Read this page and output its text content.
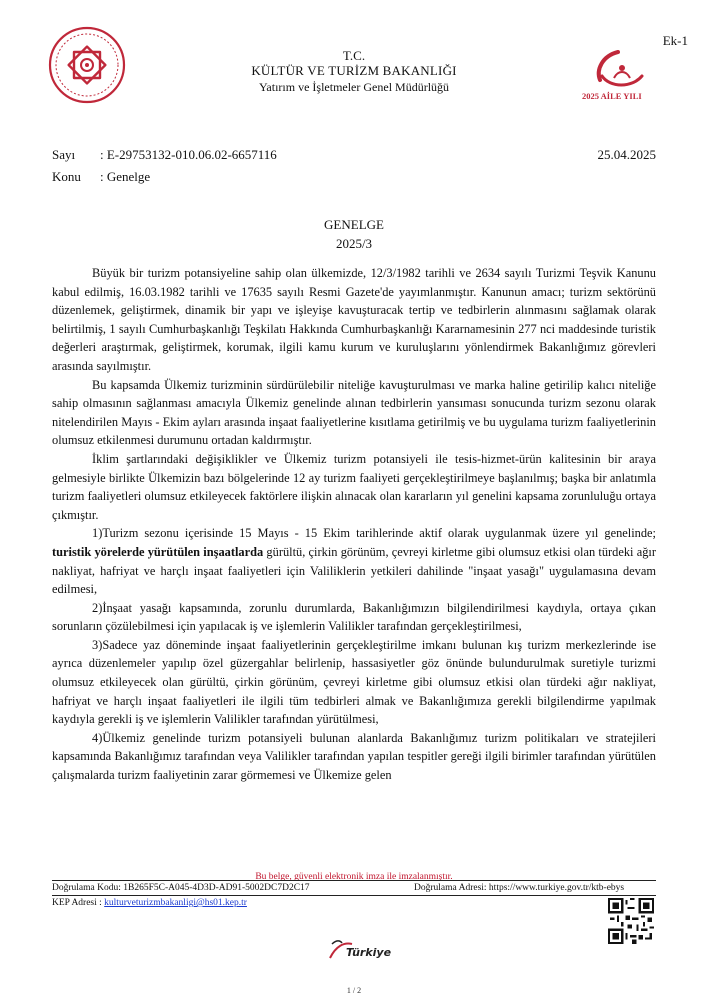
T.C.
KÜLTÜR VE TURİZM BAKANLIĞI
Yatırım ve İşletmeler Genel Müdürlüğü
Ek-1
2025 AİLE YILI
Sayı : E-29753132-010.06.02-6657116
Konu : Genelge
25.04.2025
GENELGE
2025/3

Büyük bir turizm potansiyeline sahip olan ülkemizde, 12/3/1982 tarihli ve 2634 sayılı Turizmi Teşvik Kanunu kabul edilmiş, 16.03.1982 tarihli ve 17635 sayılı Resmi Gazete'de yayımlanmıştır. Kanunun amacı; turizm sektörünü düzenlemek, geliştirmek, dinamik bir yapı ve işleyişe kavuşturacak tertip ve tedbirlerin alınmasını sağlamak olarak belirtilmiş, 1 sayılı Cumhurbaşkanlığı Teşkilatı Hakkında Cumhurbaşkanlığı Kararnamesinin 277 nci maddesinde turistik değerleri araştırmak, geliştirmek, korumak, ilgili kamu kurum ve kuruluşlarını yönlendirmek Bakanlığımız görevleri arasında sayılmıştır.

Bu kapsamda Ülkemiz turizminin sürdürülebilir niteliğe kavuşturulması ve marka haline getirilip kalıcı niteliğe sahip olmasının sağlanması amacıyla Ülkemiz genelinde alınan tedbirlerin yansıması sonucunda turizm sezonu olarak nitelendirilen Mayıs - Ekim ayları arasında inşaat faaliyetlerine kısıtlama getirilmiş ve bu uygulama turizm faaliyetlerinin olumsuz etkilenmesi durumunu ortadan kaldırmıştır.

İklim şartlarındaki değişiklikler ve Ülkemiz turizm potansiyeli ile tesis-hizmet-ürün kalitesinin bir araya gelmesiyle birlikte Ülkemizin bazı bölgelerinde 12 ay turizm faaliyeti gerçekleştirilmeye başlanılmış; başka bir anlatımla turizm faaliyetleri olumsuz etkileyecek faktörlere ilişkin alınacak olan kararların yıl genelini kapsama zorunluluğu ortaya çıkmıştır.

1)Turizm sezonu içerisinde 15 Mayıs - 15 Ekim tarihlerinde aktif olarak uygulanmak üzere yıl genelinde; turistik yörelerde yürütülen inşaatlarda gürültü, çirkin görünüm, çevreyi kirletme gibi olumsuz etkisi olan türdeki ağır nakliyat, hafriyat ve harçlı inşaat faaliyetleri için Valiliklerin yetkileri dahilinde "inşaat yasağı" uygulamasına devam edilmesi,

2)İnşaat yasağı kapsamında, zorunlu durumlarda, Bakanlığımızın bilgilendirilmesi kaydıyla, ortaya çıkan sorunların çözülebilmesi için yapılacak iş ve işlemlerin Valilikler tarafından gerçekleştirilmesi,

3)Sadece yaz döneminde inşaat faaliyetlerinin gerçekleştirilme imkanı bulunan kış turizm merkezlerinde ise ayrıca düzenlemeler yapılıp özel güzergahlar belirlenip, hassasiyetler göz önünde bulundurulmak suretiyle turizmi olumsuz etkileyecek olan gürültü, çirkin görünüm, çevreyi kirletme gibi olumsuz etkisi olan türdeki ağır nakliyat, hafriyat ve harçlı inşaat faaliyetleri ile ilgili tüm tedbirleri almak ve Bakanlığımıza gerekli bilgilendirme yapılmak kaydıyla gerekli iş ve işlemlerin Valilikler tarafından yürütülmesi,

4)Ülkemiz genelinde turizm potansiyeli bulunan alanlarda Bakanlığımız turizm politikaları ve stratejileri kapsamında Bakanlığımız tarafından veya Valilikler tarafından yapılan tespitler gereği ilgili birimler tarafından yürütülen çalışmalarda turizm faaliyetinin zarar görmemesi ve Ülkemize gelen

Bu belge, güvenli elektronik imza ile imzalanmıştır.
Doğrulama Kodu: 1B265F5C-A045-4D3D-AD91-5002DC7D2C17	Doğrulama Adresi: https://www.turkiye.gov.tr/ktb-ebys
KEP Adresi : kulturveturizmbakanligi@hs01.kep.tr
Türkiye
1 / 2
